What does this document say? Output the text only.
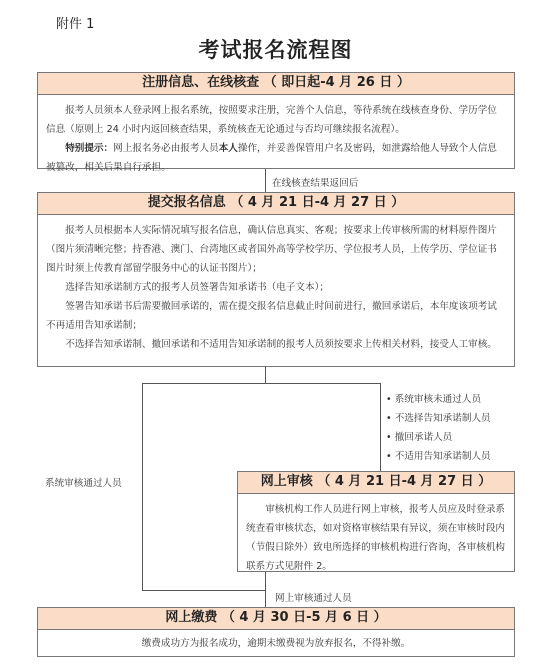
附件 1
考试报名流程图
注册信息、在线核查 （ 即日起-4 月 26 日 ）

报考人员须本人登录网上报名系统，按照要求注册，完善个人信息，等待系统在线核查身份、学历学位信息（原则上 24 小时内返回核查结果，系统核查无论通过与否均可继续报名流程）。

特别提示：网上报名务必由报考人员本人操作，并妥善保管用户名及密码，如泄露给他人导致个人信息被篡改，相关后果自行承担。

在线核查结果返回后
提交报名信息 （ 4 月 21 日-4 月 27 日 ）

报考人员根据本人实际情况填写报名信息，确认信息真实、客观；按要求上传审核所需的材料原件图片（图片须清晰完整；持香港、澳门、台湾地区或者国外高等学校学历、学位报考人员，上传学历、学位证书图片时须上传教育部留学服务中心的认证书图片）；

选择告知承诺制方式的报考人员签署告知承诺书（电子文本）；

签署告知承诺书后需要撤回承诺的，需在提交报名信息截止时间前进行，撤回承诺后，本年度该项考试不再适用告知承诺制；

不选择告知承诺制、撤回承诺和不适用告知承诺制的报考人员须按要求上传相关材料，接受人工审核。

系统审核通过人员
• 系统审核未通过人员
• 不选择告知承诺制人员
• 撤回承诺人员
• 不适用告知承诺制人员
网上审核 （ 4 月 21 日-4 月 27 日 ）

审核机构工作人员进行网上审核，报考人员应及时登录系统查看审核状态，如对资格审核结果有异议，须在审核时段内（节假日除外）致电所选择的审核机构进行咨询，各审核机构联系方式见附件 2。

网上审核通过人员
网上缴费 （ 4 月 30 日-5 月 6 日 ）
缴费成功方为报名成功，逾期未缴费视为放弃报名，不得补缴。
